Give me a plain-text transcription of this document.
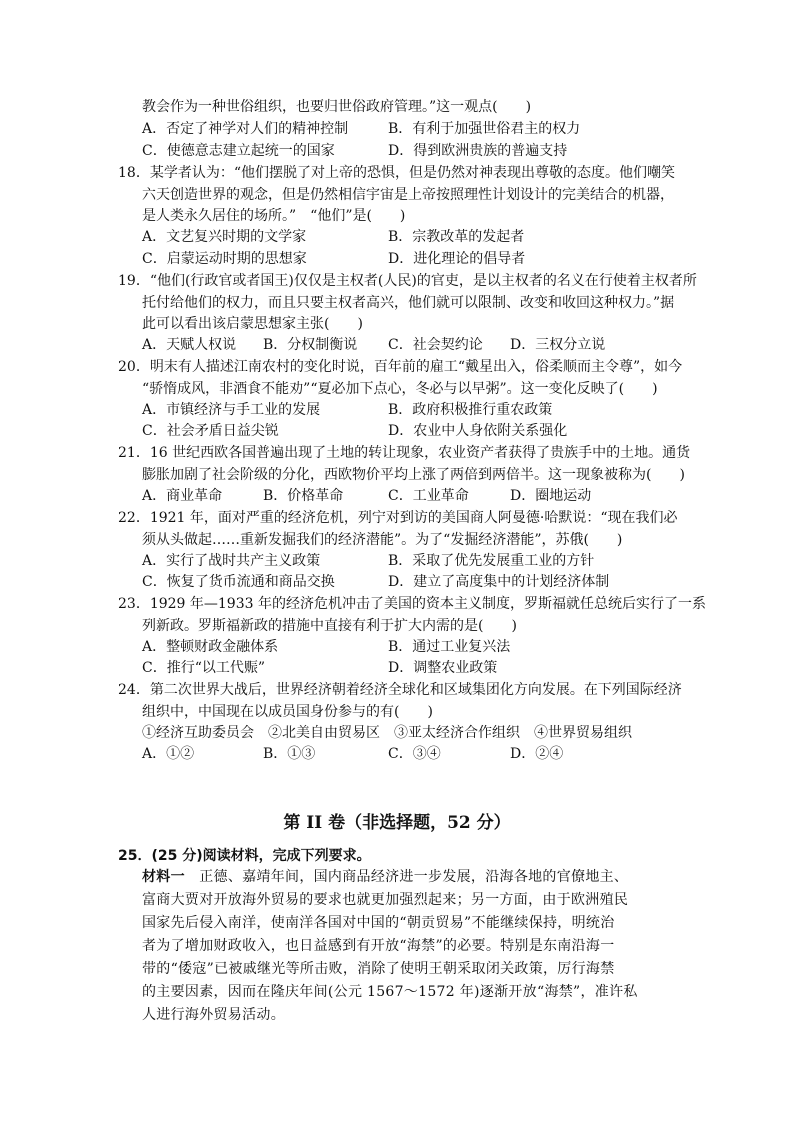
教会作为一种世俗组织，也要归世俗政府管理。”这一观点(　　)
A．否定了神学对人们的精神控制	B．有利于加强世俗君主的权力
C．使德意志建立起统一的国家	D．得到欧洲贵族的普遍支持
18．某学者认为：“他们摆脱了对上帝的恐惧，但是仍然对神表现出尊敬的态度。他们嘲笑
六天创造世界的观念，但是仍然相信宇宙是上帝按照理性计划设计的完美结合的机器，
是人类永久居住的场所。”　“他们”是(　　)
A．文艺复兴时期的文学家	B．宗教改革的发起者
C．启蒙运动时期的思想家	D．进化理论的倡导者
19．“他们(行政官或者国王)仅仅是主权者(人民)的官吏，是以主权者的名义在行使着主权者所
托付给他们的权力，而且只要主权者高兴，他们就可以限制、改变和收回这种权力。”据
此可以看出该启蒙思想家主张(　　)
A．天赋人权说 B．分权制衡说 C．社会契约论 D．三权分立说
20．明末有人描述江南农村的变化时说，百年前的雇工“戴星出入，俗柔顺而主令尊”，如今
“骄惰成风，非酒食不能劝”“夏必加下点心，冬必与以早粥”。这一变化反映了(　　)
A．市镇经济与手工业的发展	B．政府积极推行重农政策
C．社会矛盾日益尖锐	D．农业中人身依附关系强化
21．16 世纪西欧各国普遍出现了土地的转让现象，农业资产者获得了贵族手中的土地。通货
膨胀加剧了社会阶级的分化，西欧物价平均上涨了两倍到两倍半。这一现象被称为(　　)
A．商业革命	B．价格革命	C．工业革命	D．圈地运动
22．1921 年，面对严重的经济危机，列宁对到访的美国商人阿曼德·哈默说：“现在我们必
须从头做起……重新发掘我们的经济潜能”。为了“发掘经济潜能”，苏俄(　　)
A．实行了战时共产主义政策	B．采取了优先发展重工业的方针
C．恢复了货币流通和商品交换	D．建立了高度集中的计划经济体制
23．1929 年—1933 年的经济危机冲击了美国的资本主义制度，罗斯福就任总统后实行了一系
列新政。罗斯福新政的措施中直接有利于扩大内需的是(　　)
A．整顿财政金融体系	B．通过工业复兴法
C．推行“以工代赈”	D．调整农业政策
24．第二次世界大战后，世界经济朝着经济全球化和区域集团化方向发展。在下列国际经济
组织中，中国现在以成员国身份参与的有(　　)
①经济互助委员会　②北美自由贸易区　③亚太经济合作组织　④世界贸易组织
A．①②	B．①③	C．③④	D．②④
第 II 卷（非选择题，52 分）
25．(25 分)阅读材料，完成下列要求。
材料一　 正德、嘉靖年间，国内商品经济进一步发展，沿海各地的官僚地主、
富商大贾对开放海外贸易的要求也就更加强烈起来；另一方面，由于欧洲殖民
国家先后侵入南洋，使南洋各国对中国的“朝贡贸易”不能继续保持，明统治
者为了增加财政收入，也日益感到有开放“海禁”的必要。特别是东南沿海一
带的“倭寇”已被戚继光等所击败，消除了使明王朝采取闭关政策，厉行海禁
的主要因素，因而在隆庆年间(公元 1567～1572 年)逐渐开放“海禁”，准许私
人进行海外贸易活动。
